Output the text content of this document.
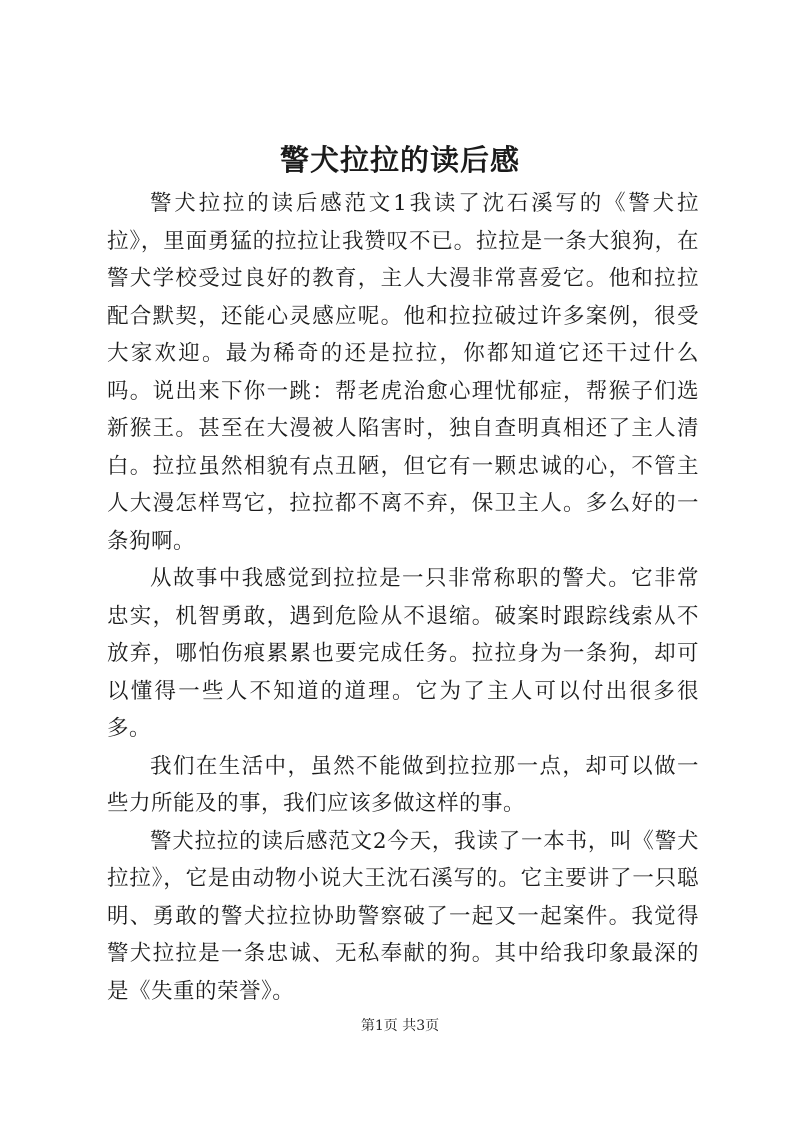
警犬拉拉的读后感

警犬拉拉的读后感范文1我读了沈石溪写的《警犬拉拉》，里面勇猛的拉拉让我赞叹不已。拉拉是一条大狼狗，在警犬学校受过良好的教育，主人大漫非常喜爱它。他和拉拉配合默契，还能心灵感应呢。他和拉拉破过许多案例，很受大家欢迎。最为稀奇的还是拉拉，你都知道它还干过什么吗。说出来下你一跳：帮老虎治愈心理忧郁症，帮猴子们选新猴王。甚至在大漫被人陷害时，独自查明真相还了主人清白。拉拉虽然相貌有点丑陋，但它有一颗忠诚的心，不管主人大漫怎样骂它，拉拉都不离不弃，保卫主人。多么好的一条狗啊。

从故事中我感觉到拉拉是一只非常称职的警犬。它非常忠实，机智勇敢，遇到危险从不退缩。破案时跟踪线索从不放弃，哪怕伤痕累累也要完成任务。拉拉身为一条狗，却可以懂得一些人不知道的道理。它为了主人可以付出很多很多。

我们在生活中，虽然不能做到拉拉那一点，却可以做一些力所能及的事，我们应该多做这样的事。

警犬拉拉的读后感范文2今天，我读了一本书，叫《警犬拉拉》，它是由动物小说大王沈石溪写的。它主要讲了一只聪明、勇敢的警犬拉拉协助警察破了一起又一起案件。我觉得警犬拉拉是一条忠诚、无私奉献的狗。其中给我印象最深的是《失重的荣誉》。

第1页 共3页
